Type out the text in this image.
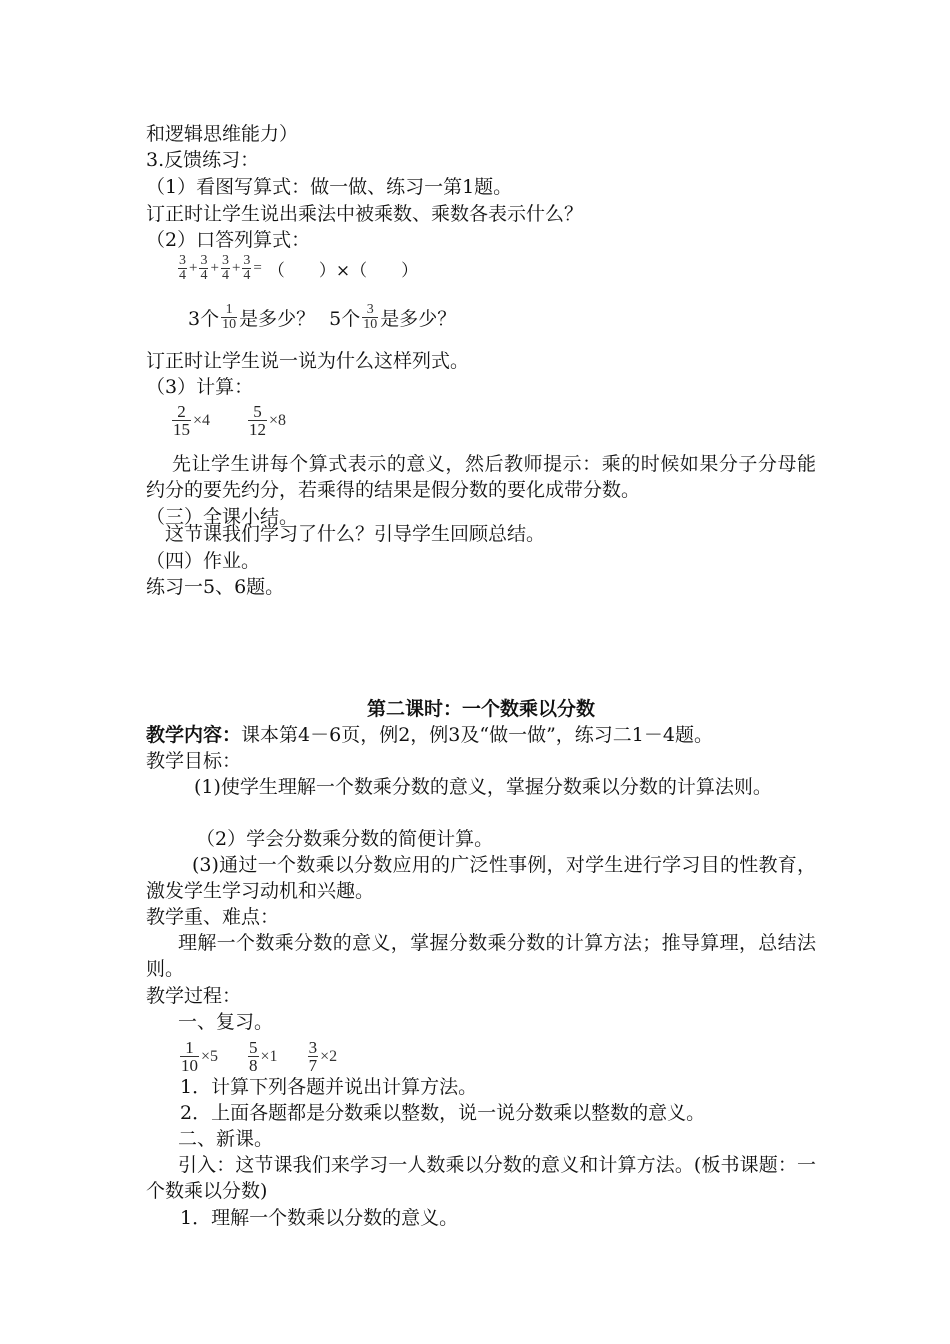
和逻辑思维能力）
3.反馈练习：
（1）看图写算式：做一做、练习一第1题。
订正时让学生说出乘法中被乘数、乘数各表示什么？
（2）口答列算式：
$\frac{3}{4} + \frac{3}{4} + \frac{3}{4} + \frac{3}{4}$ = （　　）×（　　）
3个 $\frac{1}{10}$ 是多少？ 5个 $\frac{3}{10}$ 是多少？
订正时让学生说一说为什么这样列式。
（3）计算：
$\frac{2}{15} \times 4 \frac{5}{12} \times 8$
先让学生讲每个算式表示的意义，然后教师提示：乘的时候如果分子分母能约分的要先约分，若乘得的结果是假分数的要化成带分数。
（三）全课小结。
这节课我们学习了什么？引导学生回顾总结。
（四）作业。
练习一5、6题。
第二课时：一个数乘以分数
教学内容：课本第4－6页，例2，例3及“做一做”，练习二1－4题。
教学目标：
(1)使学生理解一个数乘分数的意义，掌握分数乘以分数的计算法则。
（2）学会分数乘分数的简便计算。
(3)通过一个数乘以分数应用的广泛性事例，对学生进行学习目的性教育，激发学生学习动机和兴趣。
教学重、难点：
理解一个数乘分数的意义，掌握分数乘分数的计算方法；推导算理，总结法则。
教学过程：
一、复习。
$\frac{1}{10} \times 5 \frac{5}{8} \times 1 \frac{3}{7} \times 2$
1．计算下列各题并说出计算方法。
2．上面各题都是分数乘以整数，说一说分数乘以整数的意义。
二、新课。
引入：这节课我们来学习一人数乘以分数的意义和计算方法。(板书课题：一个数乘以分数)
1．理解一个数乘以分数的意义。
